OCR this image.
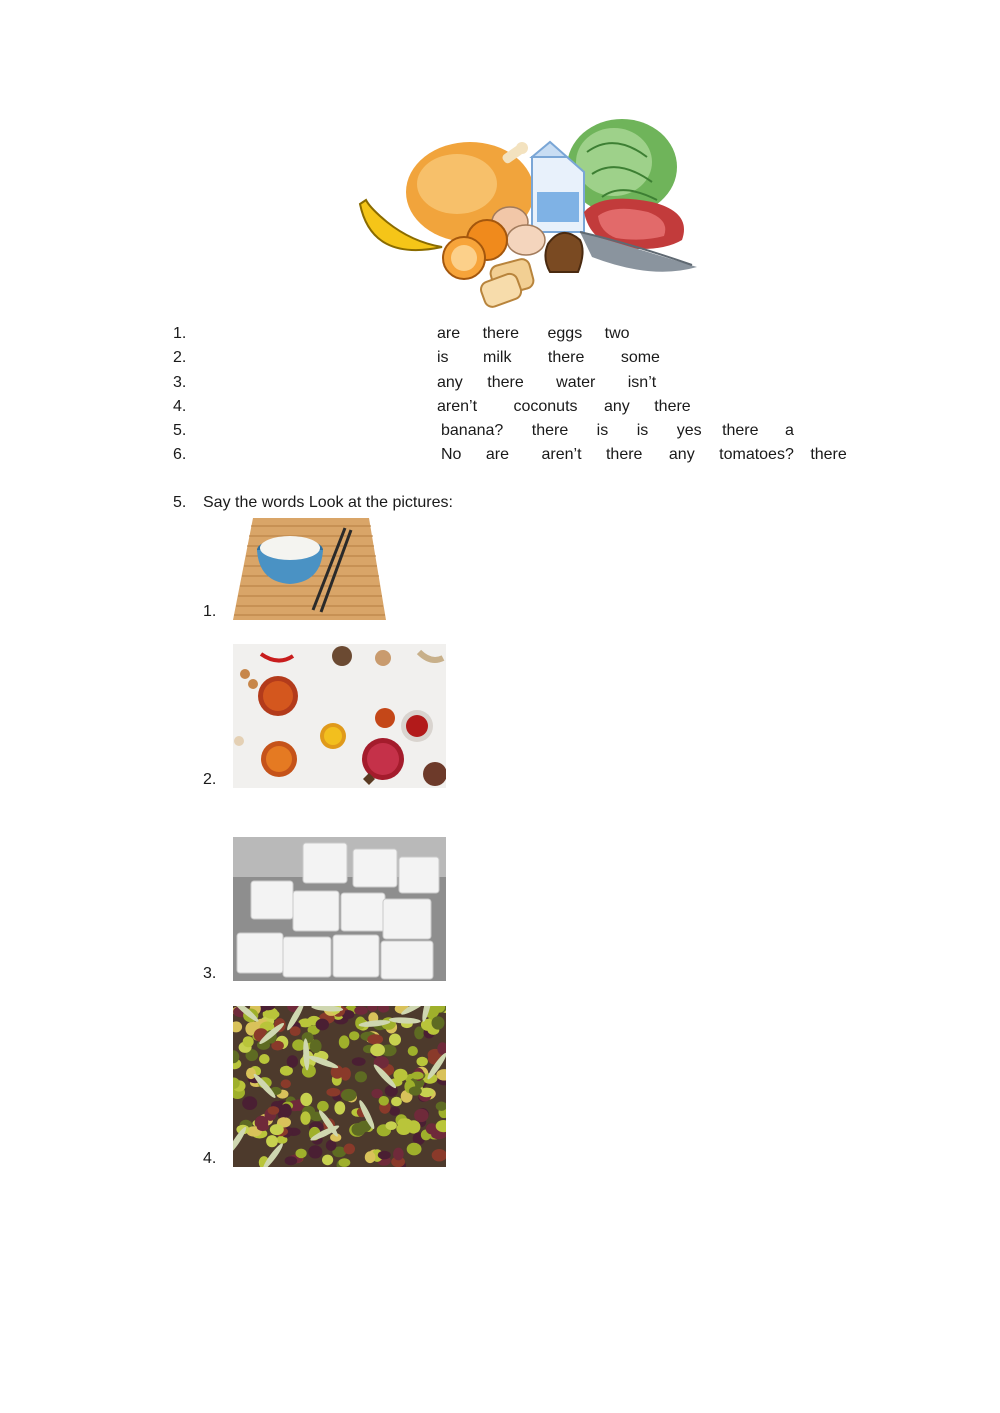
1.	are there eggs two
2.	is milk there some
3.	any there water isn’t
4.	aren’t coconuts any there
5.	banana? there is is yes there a
6.	No are aren’t there any tomatoes? there
5. Say the words Look at the pictures:
1.
2.
3.
4.
